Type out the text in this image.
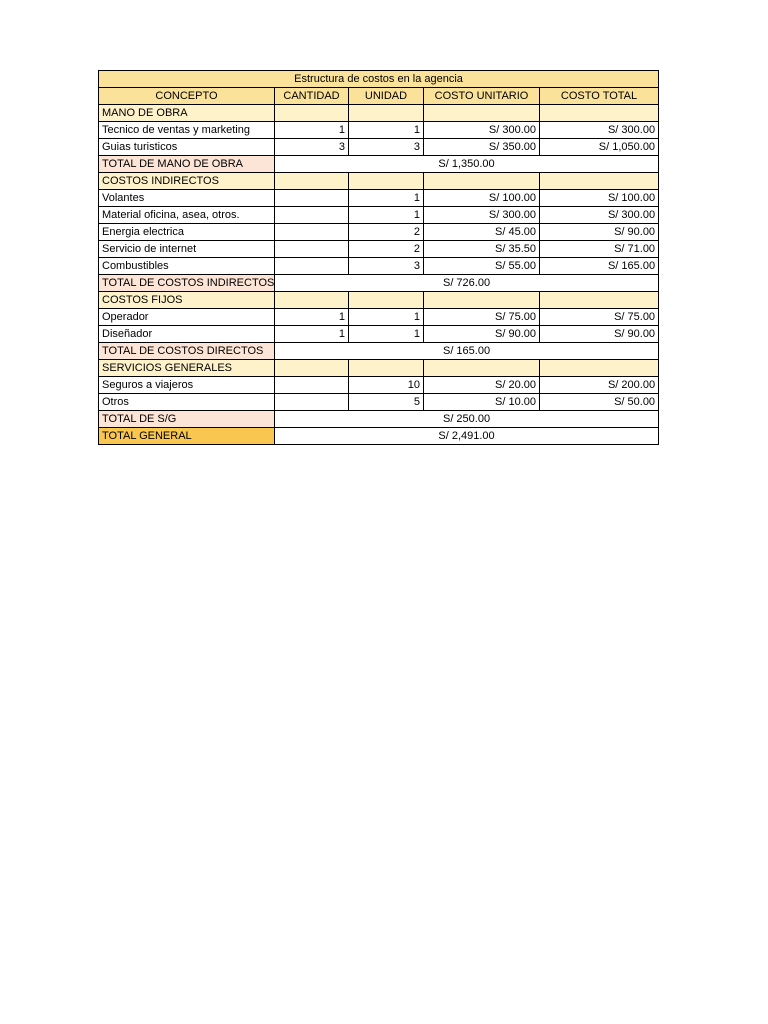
Estructura de costos en la agencia				
CONCEPTO	CANTIDAD	UNIDAD	COSTO UNITARIO	COSTO TOTAL
MANO DE OBRA				
Tecnico de ventas y marketing	1	1	S/ 300.00	S/ 300.00
Guias turisticos	3	3	S/ 350.00	S/ 1,050.00
TOTAL DE MANO DE OBRA	S/ 1,350.00			
COSTOS INDIRECTOS				
Volantes		1	S/ 100.00	S/ 100.00
Material oficina, asea, otros.		1	S/ 300.00	S/ 300.00
Energia electrica		2	S/ 45.00	S/ 90.00
Servicio de internet		2	S/ 35.50	S/ 71.00
Combustibles		3	S/ 55.00	S/ 165.00
TOTAL DE COSTOS INDIRECTOS	S/ 726.00			
COSTOS FIJOS				
Operador	1	1	S/ 75.00	S/ 75.00
Diseñador	1	1	S/ 90.00	S/ 90.00
TOTAL DE COSTOS DIRECTOS	S/ 165.00			
SERVICIOS GENERALES				
Seguros a viajeros		10	S/ 20.00	S/ 200.00
Otros		5	S/ 10.00	S/ 50.00
TOTAL DE S/G	S/ 250.00			
TOTAL GENERAL	S/ 2,491.00			
